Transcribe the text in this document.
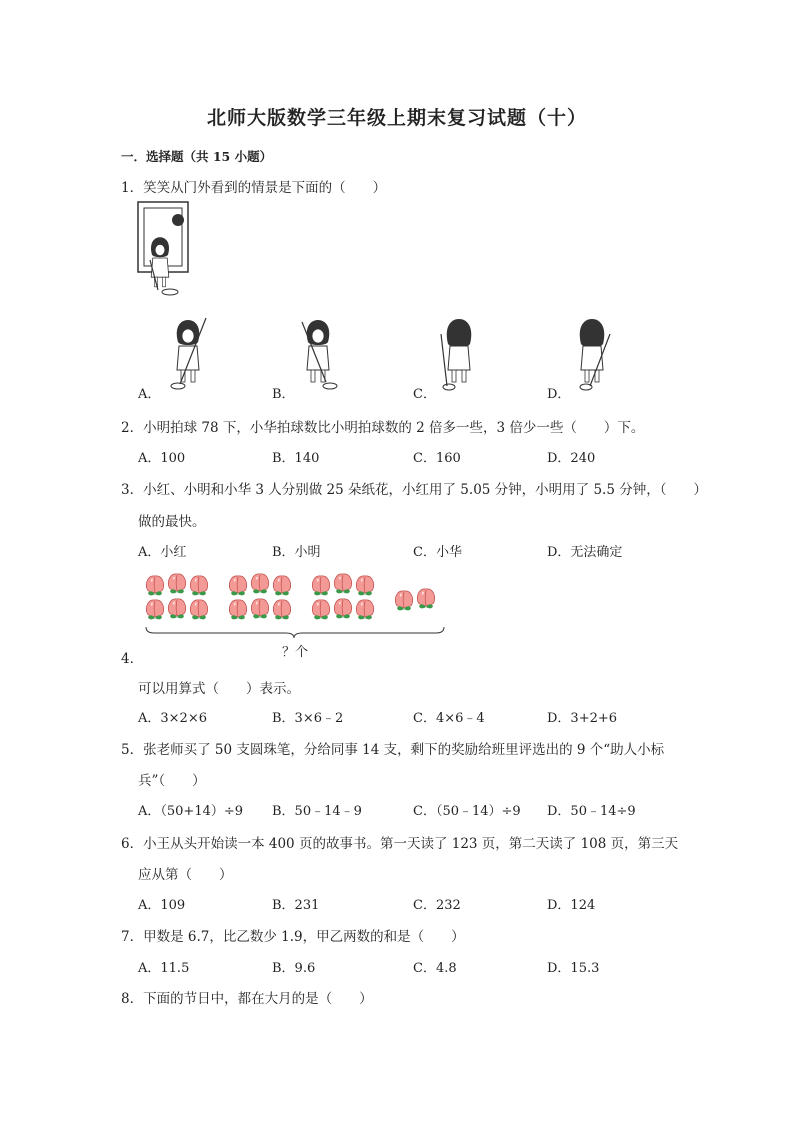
北师大版数学三年级上期末复习试题（十）
一．选择题（共 15 小题）
1．笑笑从门外看到的情景是下面的（　　）
A．	B．	C．	D．
2．小明拍球 78 下，小华拍球数比小明拍球数的 2 倍多一些，3 倍少一些（　　）下。
A．100	B．140	C．160	D．240
3．小红、小明和小华 3 人分别做 25 朵纸花，小红用了 5.05 分钟，小明用了 5.5 分钟，（　　）
做的最快。
A．小红	B．小明	C．小华	D．无法确定
？个
4．
可以用算式（　　）表示。
A．3×2×6	B．3×6﹣2	C．4×6﹣4	D．3+2+6
5．张老师买了 50 支圆珠笔，分给同事 14 支，剩下的奖励给班里评选出的 9 个“助人小标
兵”（　　）
A．（50+14）÷9 B．50﹣14﹣9	C．（50﹣14）÷9 D．50﹣14÷9
6．小王从头开始读一本 400 页的故事书。第一天读了 123 页，第二天读了 108 页，第三天
应从第（　　）
A．109	B．231	C．232	D．124
7．甲数是 6.7，比乙数少 1.9，甲乙两数的和是（　　）
A．11.5	B．9.6	C．4.8	D．15.3
8．下面的节日中，都在大月的是（　　）
